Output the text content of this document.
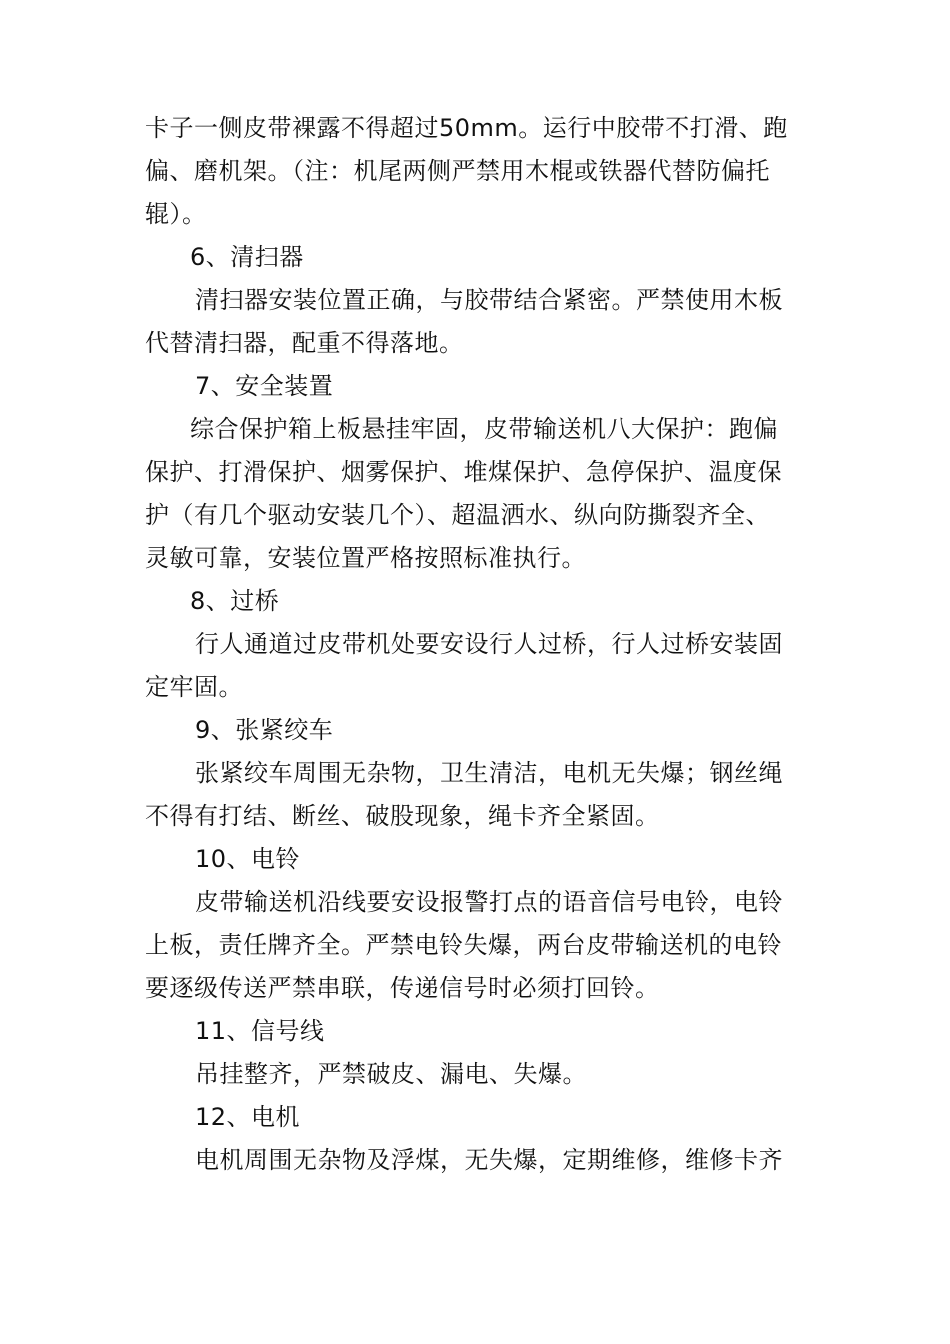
卡子一侧皮带裸露不得超过50mm。运行中胶带不打滑、跑
偏、磨机架。（注：机尾两侧严禁用木棍或铁器代替防偏托
辊）。
6、清扫器
清扫器安装位置正确，与胶带结合紧密。严禁使用木板
代替清扫器，配重不得落地。
7、安全装置
综合保护箱上板悬挂牢固，皮带输送机八大保护：跑偏
保护、打滑保护、烟雾保护、堆煤保护、急停保护、温度保
护（有几个驱动安装几个）、超温洒水、纵向防撕裂齐全、
灵敏可靠，安装位置严格按照标准执行。
8、过桥
行人通道过皮带机处要安设行人过桥，行人过桥安装固
定牢固。
9、张紧绞车
张紧绞车周围无杂物，卫生清洁，电机无失爆；钢丝绳
不得有打结、断丝、破股现象，绳卡齐全紧固。
10、电铃
皮带输送机沿线要安设报警打点的语音信号电铃，电铃
上板，责任牌齐全。严禁电铃失爆，两台皮带输送机的电铃
要逐级传送严禁串联，传递信号时必须打回铃。
11、信号线
吊挂整齐，严禁破皮、漏电、失爆。
12、电机
电机周围无杂物及浮煤，无失爆，定期维修，维修卡齐
